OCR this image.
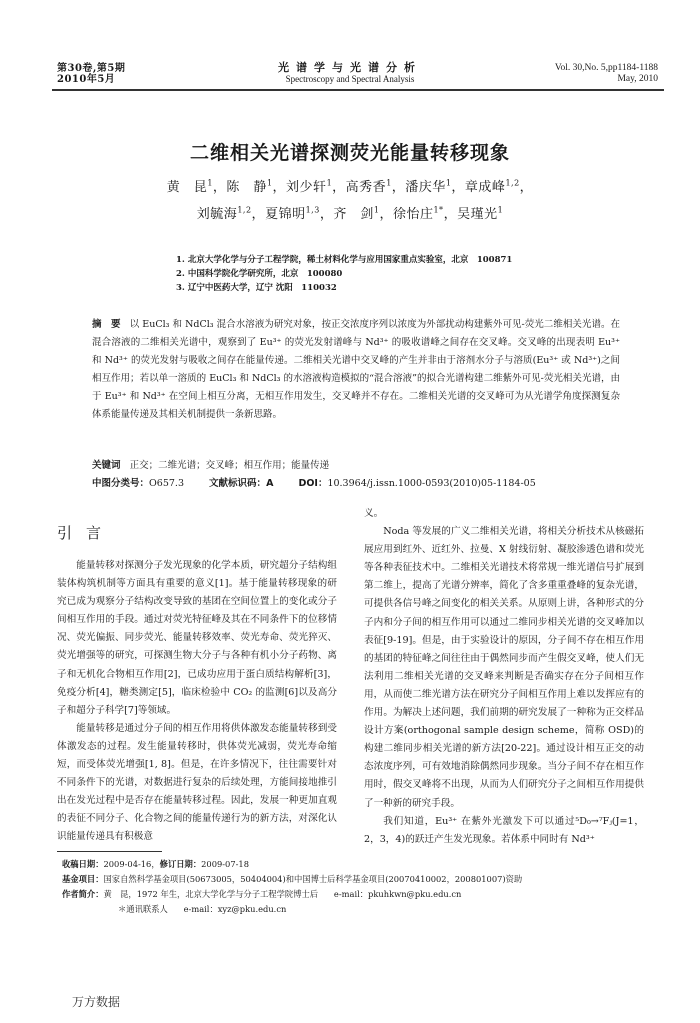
第30卷,第5期
2010年5月
光谱学与光谱分析
Spectroscopy and Spectral Analysis
Vol. 30,No. 5,pp1184-1188
May, 2010
二维相关光谱探测荧光能量转移现象
黄　昆$^1$，陈　静$^1$，刘少轩$^1$，高秀香$^1$，潘庆华$^1$，章成峰$^{1,2}$，
刘毓海$^{1,2}$，夏锦明$^{1,3}$，齐　剑$^1$，徐怡庄$^{1*}$，吴瑾光$^1$
1. 北京大学化学与分子工程学院，稀土材料化学与应用国家重点实验室，北京　100871
2. 中国科学院化学研究所，北京　100080
3. 辽宁中医药大学，辽宁 沈阳　110032
摘　要 以 EuCl₃ 和 NdCl₃ 混合水溶液为研究对象，按正交浓度序列以浓度为外部扰动构建紫外可见-荧光二维相关光谱。在混合溶液的二维相关光谱中，观察到了 Eu³⁺ 的荧光发射谱峰与 Nd³⁺ 的吸收谱峰之间存在交叉峰。交叉峰的出现表明 Eu³⁺ 和 Nd³⁺ 的荧光发射与吸收之间存在能量传递。二维相关光谱中交叉峰的产生并非由于溶剂水分子与溶质(Eu³⁺ 或 Nd³⁺)之间相互作用；若以单一溶质的 EuCl₃ 和 NdCl₃ 的水溶液构造模拟的“混合溶液”的拟合光谱构建二维紫外可见-荧光相关光谱，由于 Eu³⁺ 和 Nd³⁺ 在空间上相互分离，无相互作用发生，交叉峰并不存在。二维相关光谱的交叉峰可为从光谱学角度探测复杂体系能量传递及其相关机制提供一条新思路。
关键词 正交；二维光谱；交叉峰；相互作用；能量传递
中图分类号：O657.3	文献标识码：A	DOI：10.3964/j.issn.1000-0593(2010)05-1184-05
引言

能量转移对探测分子发光现象的化学本质，研究超分子结构组装体构筑机制等方面具有重要的意义[1]。基于能量转移现象的研究已成为观察分子结构改变导致的基团在空间位置上的变化或分子间相互作用的手段。通过对荧光特征峰及其在不同条件下的位移情况、荧光偏振、同步荧光、能量转移效率、荧光寿命、荧光猝灭、荧光增强等的研究，可探测生物大分子与各种有机小分子药物、离子和无机化合物相互作用[2]，已成功应用于蛋白质结构解析[3]，免疫分析[4]，糖类测定[5]，临床检验中 CO₂ 的监测[6]以及高分子和超分子科学[7]等领域。

能量转移是通过分子间的相互作用将供体激发态能量转移到受体激发态的过程。发生能量转移时，供体荧光减弱，荧光寿命缩短，而受体荧光增强[1, 8]。但是，在许多情况下，往往需要针对不同条件下的光谱，对数据进行复杂的后续处理，方能间接地推引出在发光过程中是否存在能量转移过程。因此，发展一种更加直观的表征不同分子、化合物之间的能量传递行为的新方法，对深化认识能量传递具有积极意

义。

Noda 等发展的广义二维相关光谱，将相关分析技术从核磁拓展应用到红外、近红外、拉曼、X 射线衍射、凝胶渗透色谱和荧光等各种表征技术中。二维相关光谱技术将常规一维光谱信号扩展到第二维上，提高了光谱分辨率，简化了含多重重叠峰的复杂光谱，可提供各信号峰之间变化的相关关系。从原则上讲，各种形式的分子内和分子间的相互作用可以通过二维同步相关光谱的交叉峰加以表征[9-19]。但是，由于实验设计的原因，分子间不存在相互作用的基团的特征峰之间往往由于偶然同步而产生假交叉峰，使人们无法利用二维相关光谱的交叉峰来判断是否确实存在分子间相互作用，从而使二维光谱方法在研究分子间相互作用上难以发挥应有的作用。为解决上述问题，我们前期的研究发展了一种称为正交样品设计方案(orthogonal sample design scheme，简称 OSD)的构建二维同步相关光谱的新方法[20-22]。通过设计相互正交的动态浓度序列，可有效地消除偶然同步现象。当分子间不存在相互作用时，假交叉峰将不出现，从而为人们研究分子之间相互作用提供了一种新的研究手段。

我们知道，Eu³⁺ 在紫外光激发下可以通过⁵D₀→⁷Fⱼ(J=1，2，3，4)的跃迁产生发光现象。若体系中同时有 Nd³⁺

收稿日期：2009-04-16，修订日期：2009-07-18
基金项目：国家自然科学基金项目(50673005，50404004)和中国博士后科学基金项目(20070410002，200801007)资助
作者简介：黄　昆，1972 年生，北京大学化学与分子工程学院博士后 e-mail：pkuhkwn@pku.edu.cn
＊通讯联系人 e-mail：xyz@pku.edu.cn
万方数据
